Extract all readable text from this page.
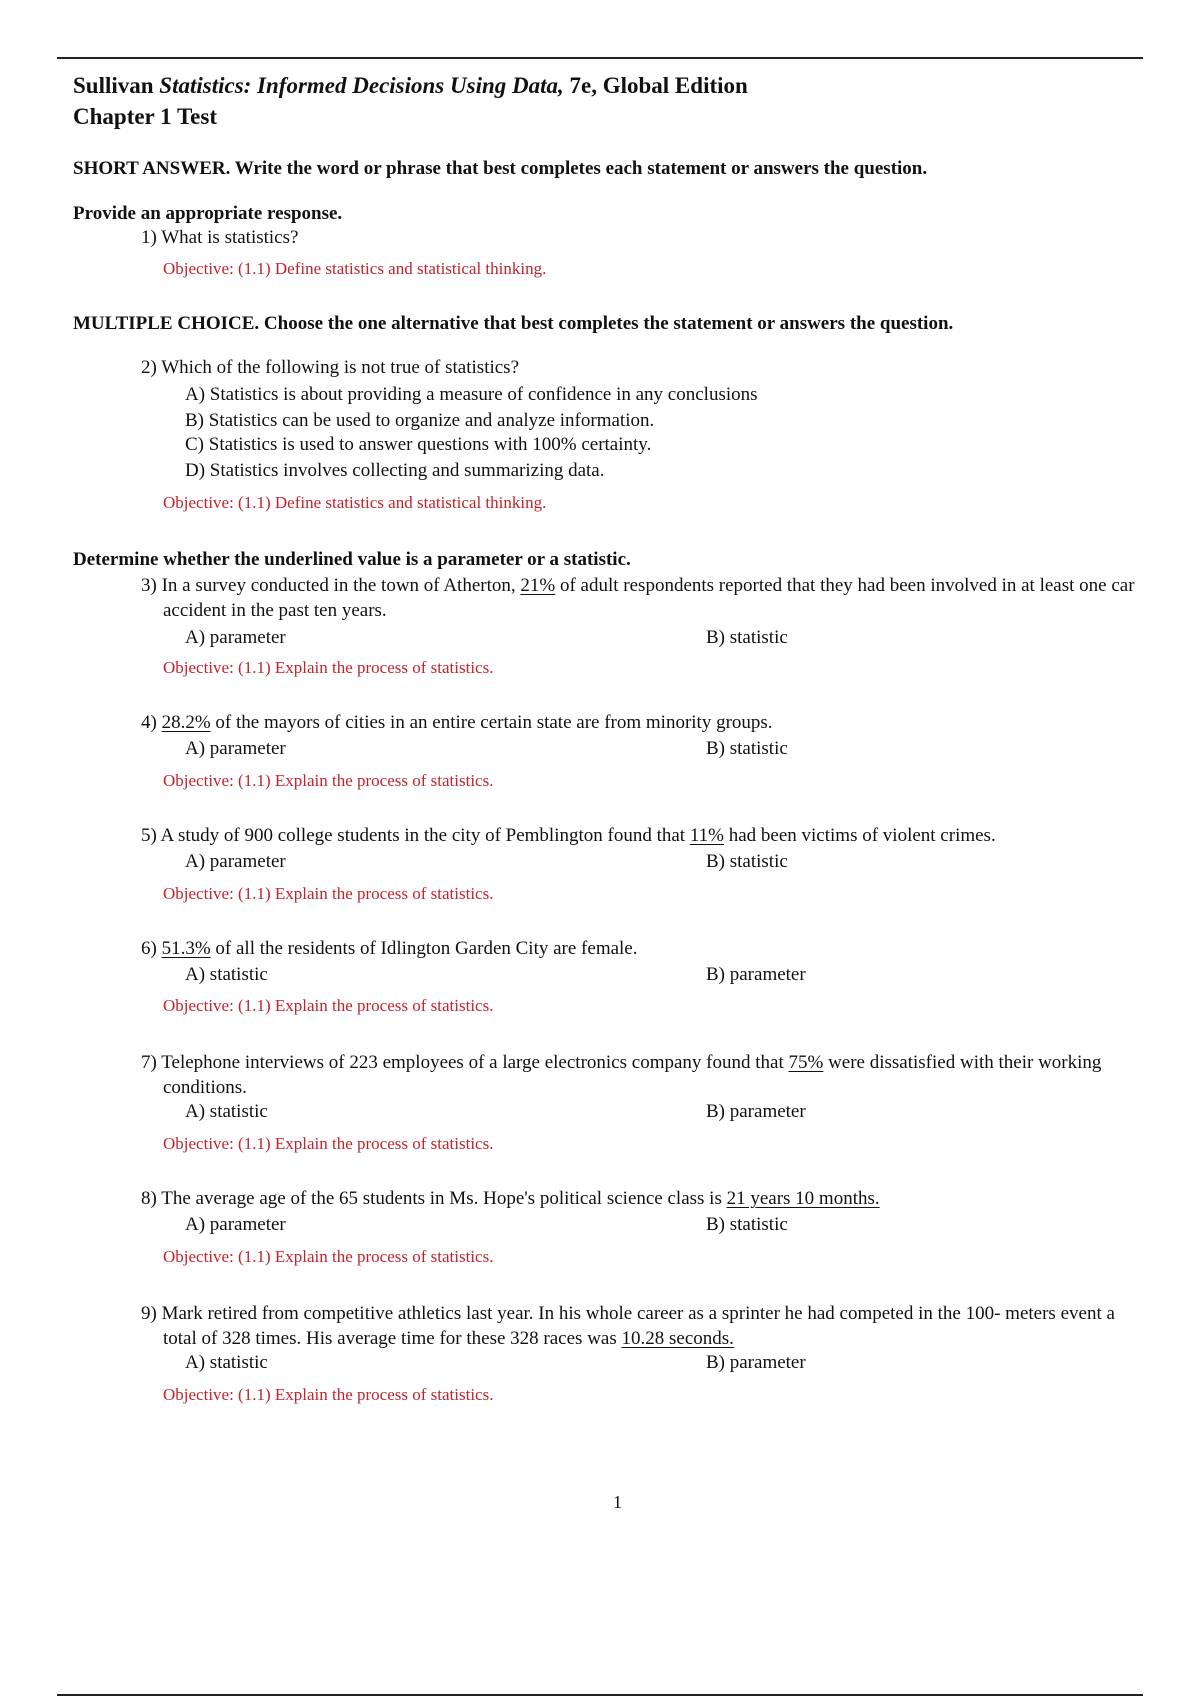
Sullivan Statistics: Informed Decisions Using Data, 7e, Global Edition
Chapter 1 Test
SHORT ANSWER. Write the word or phrase that best completes each statement or answers the question.
Provide an appropriate response.
1) What is statistics?
Objective: (1.1) Define statistics and statistical thinking.
MULTIPLE CHOICE. Choose the one alternative that best completes the statement or answers the question.
2) Which of the following is not true of statistics?
A) Statistics is about providing a measure of confidence in any conclusions
B) Statistics can be used to organize and analyze information.
C) Statistics is used to answer questions with 100% certainty.
D) Statistics involves collecting and summarizing data.
Objective: (1.1) Define statistics and statistical thinking.
Determine whether the underlined value is a parameter or a statistic.
3) In a survey conducted in the town of Atherton, 21% of adult respondents reported that they had been involved in at least one car accident in the past ten years.
A) parameter	B) statistic
Objective: (1.1) Explain the process of statistics.
4) 28.2% of the mayors of cities in an entire certain state are from minority groups.
A) parameter	B) statistic
Objective: (1.1) Explain the process of statistics.
5) A study of 900 college students in the city of Pemblington found that 11% had been victims of violent crimes.
A) parameter	B) statistic
Objective: (1.1) Explain the process of statistics.
6) 51.3% of all the residents of Idlington Garden City are female.
A) statistic	B) parameter
Objective: (1.1) Explain the process of statistics.
7) Telephone interviews of 223 employees of a large electronics company found that 75% were dissatisfied with their working conditions.
A) statistic	B) parameter
Objective: (1.1) Explain the process of statistics.
8) The average age of the 65 students in Ms. Hope's political science class is 21 years 10 months.
A) parameter	B) statistic
Objective: (1.1) Explain the process of statistics.
9) Mark retired from competitive athletics last year. In his whole career as a sprinter he had competed in the 100- meters event a total of 328 times. His average time for these 328 races was 10.28 seconds.
A) statistic	B) parameter
Objective: (1.1) Explain the process of statistics.
1
